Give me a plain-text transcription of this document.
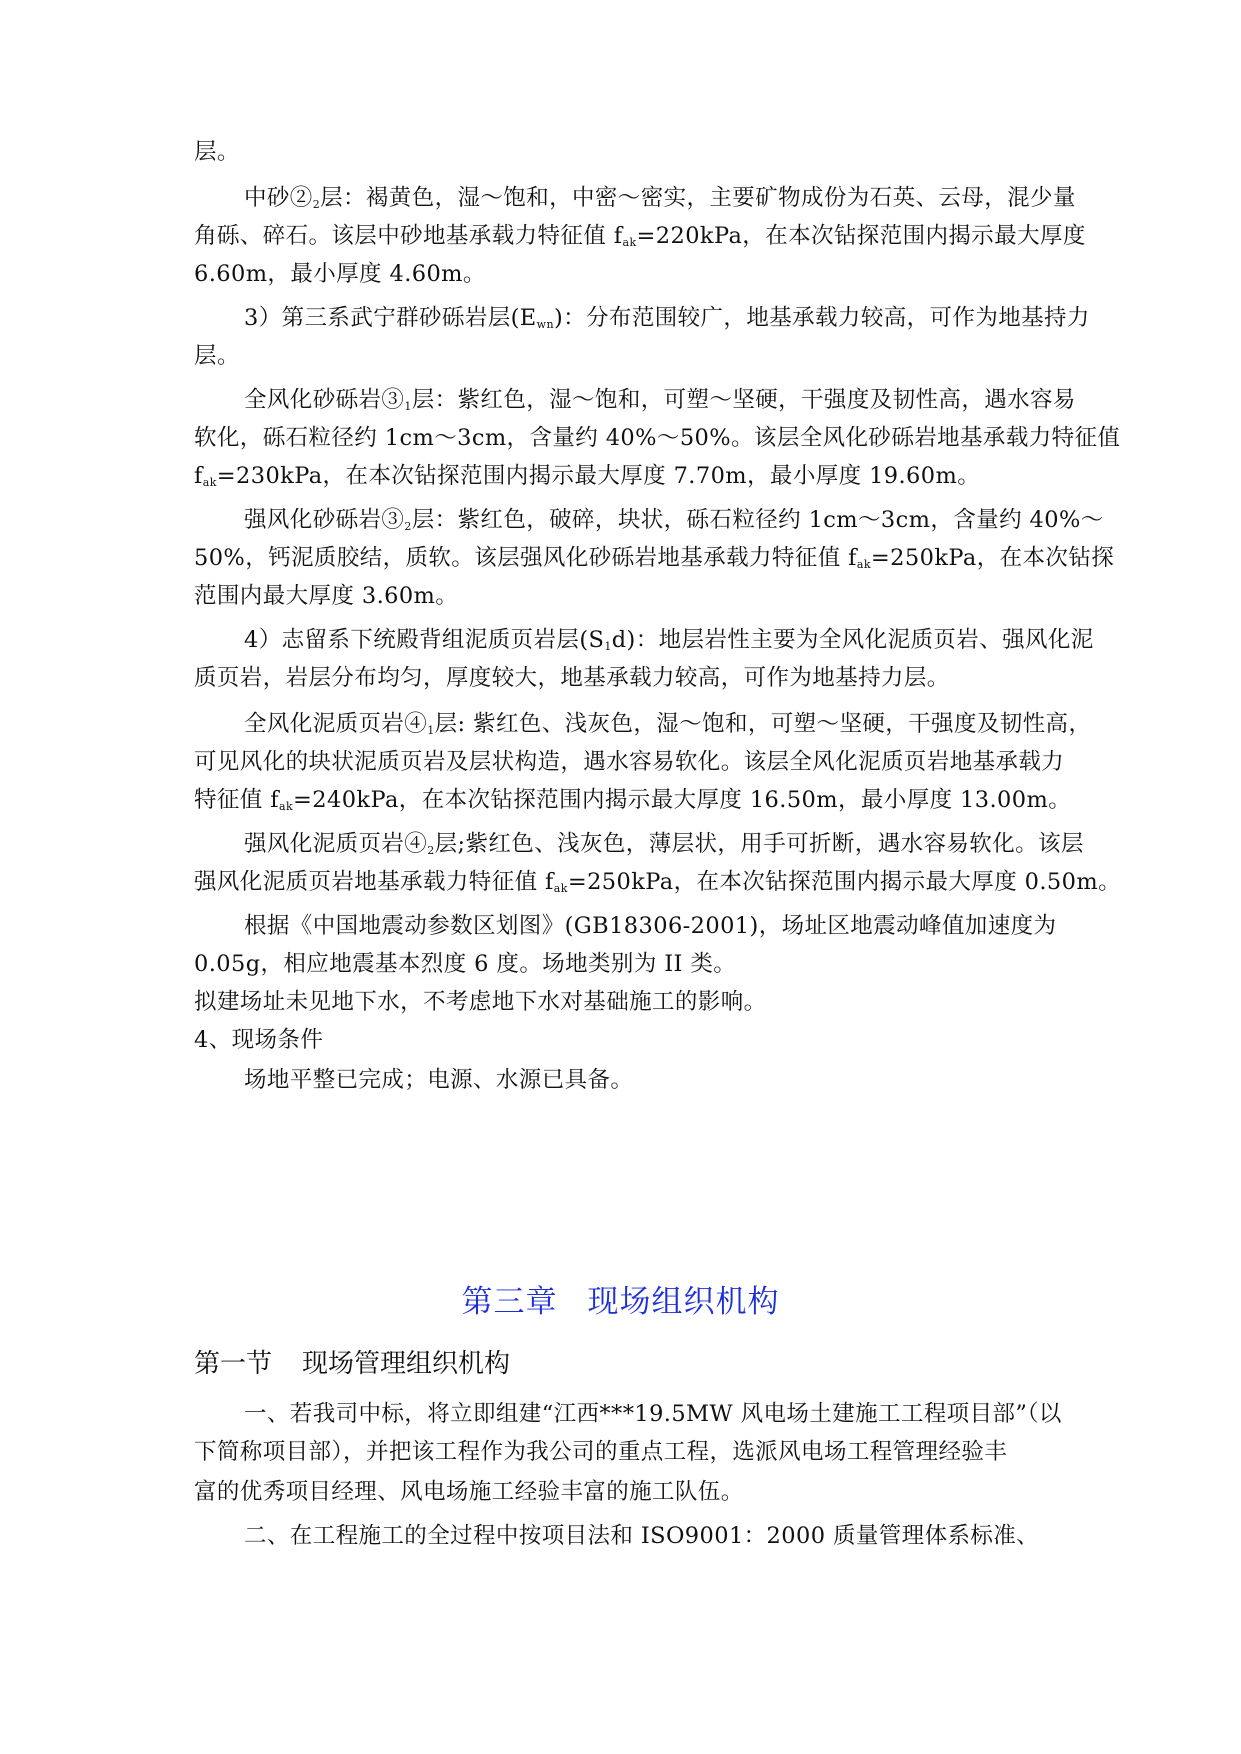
层。
中砂$②_2$层：褐黄色，湿～饱和，中密～密实，主要矿物成份为石英、云母，混少量
角砾、碎石。该层中砂地基承载力特征值 $f_{ak}=220kPa$，在本次钻探范围内揭示最大厚度
6.60m，最小厚度 4.60m。
3）第三系武宁群砂砾岩层$(E_{wn})$：分布范围较广，地基承载力较高，可作为地基持力
层。
全风化砂砾岩$③_1$层：紫红色，湿～饱和，可塑～坚硬，干强度及韧性高，遇水容易
软化，砾石粒径约 1cm～3cm，含量约 40%～50%。该层全风化砂砾岩地基承载力特征值
$f_{ak}=230kPa$，在本次钻探范围内揭示最大厚度 7.70m，最小厚度 19.60m。
强风化砂砾岩$③_2$层：紫红色，破碎，块状，砾石粒径约 1cm～3cm，含量约 40%～
50%，钙泥质胶结，质软。该层强风化砂砾岩地基承载力特征值 $f_{ak}=250kPa$，在本次钻探
范围内最大厚度 3.60m。
4）志留系下统殿背组泥质页岩层$(S_1d)$：地层岩性主要为全风化泥质页岩、强风化泥
质页岩，岩层分布均匀，厚度较大，地基承载力较高，可作为地基持力层。
全风化泥质页岩$④_1$层: 紫红色、浅灰色，湿～饱和，可塑～坚硬，干强度及韧性高，
可见风化的块状泥质页岩及层状构造，遇水容易软化。该层全风化泥质页岩地基承载力
特征值 $f_{ak}=240kPa$，在本次钻探范围内揭示最大厚度 16.50m，最小厚度 13.00m。
强风化泥质页岩$④_2$层;紫红色、浅灰色，薄层状，用手可折断，遇水容易软化。该层
强风化泥质页岩地基承载力特征值 $f_{ak}=250kPa$，在本次钻探范围内揭示最大厚度 0.50m。
根据《中国地震动参数区划图》(GB18306-2001)，场址区地震动峰值加速度为
0.05g，相应地震基本烈度 6 度。场地类别为 II 类。
拟建场址未见地下水，不考虑地下水对基础施工的影响。
4、现场条件
场地平整已完成；电源、水源已具备。
第三章 现场组织机构
第一节 现场管理组织机构
一、若我司中标，将立即组建“江西***19.5MW 风电场土建施工工程项目部”（以
下简称项目部），并把该工程作为我公司的重点工程，选派风电场工程管理经验丰
富的优秀项目经理、风电场施工经验丰富的施工队伍。
二、在工程施工的全过程中按项目法和 ISO9001：2000 质量管理体系标准、
